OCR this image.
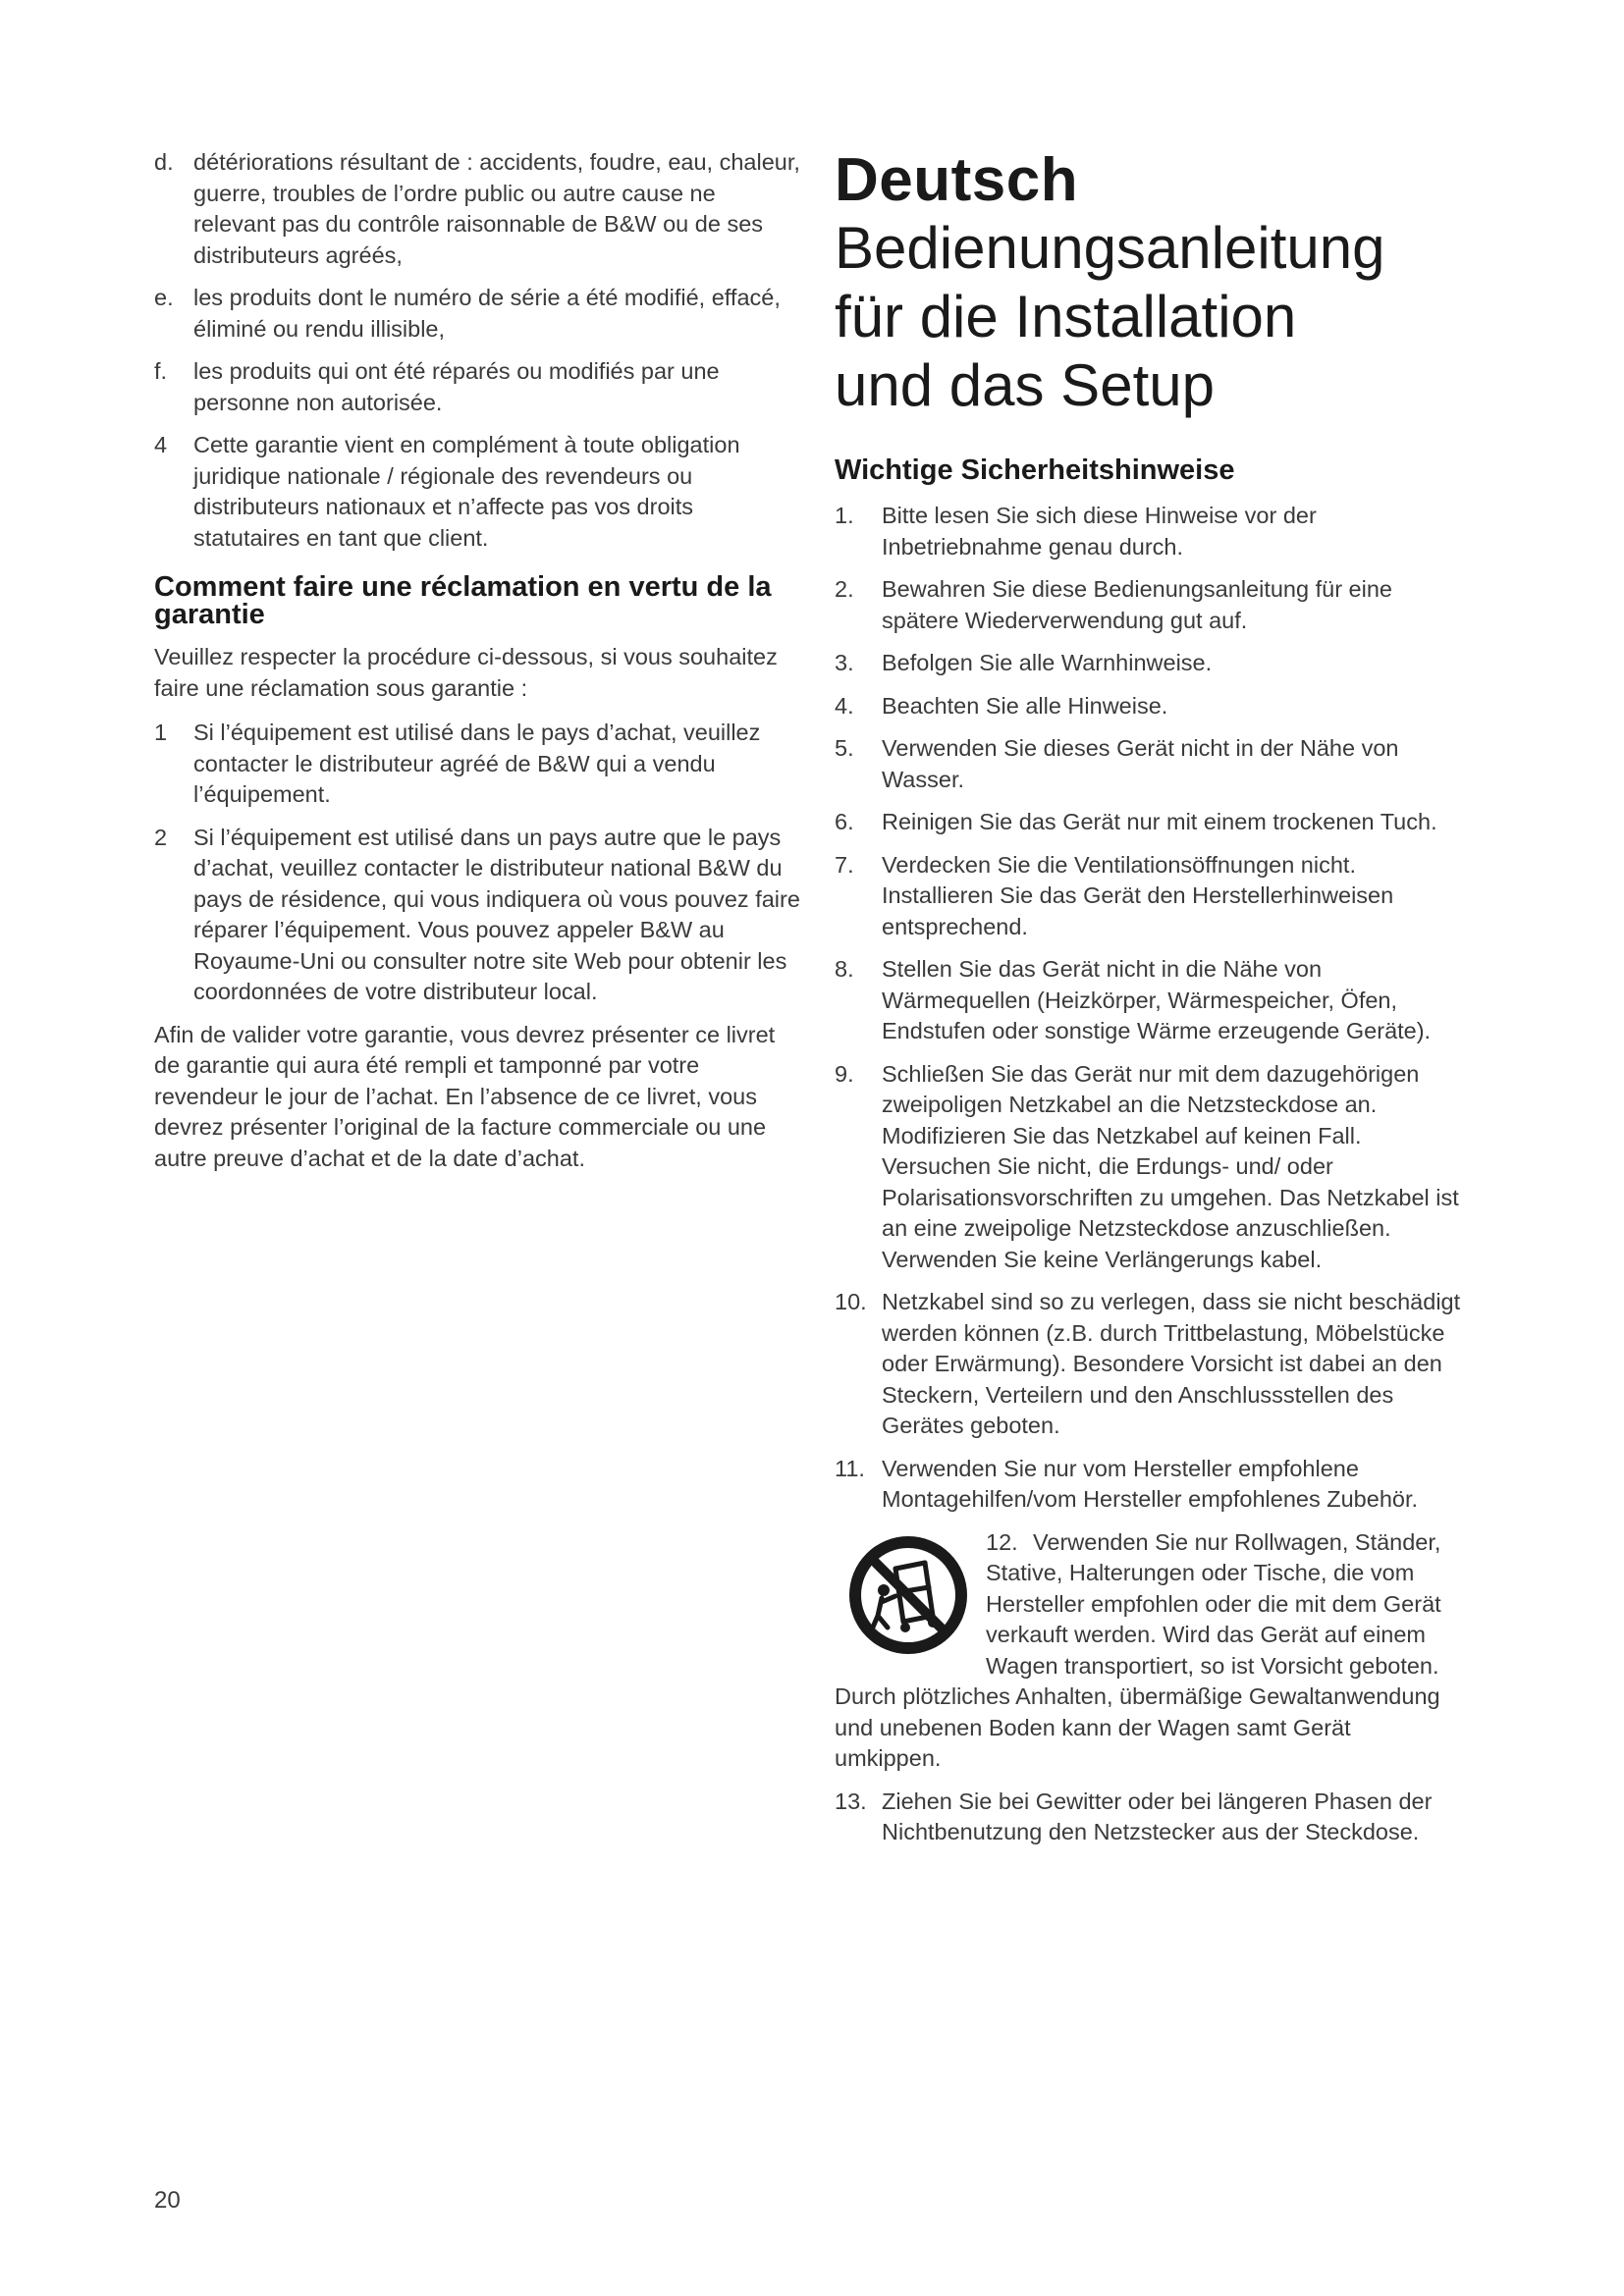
d. détériorations résultant de : accidents, foudre, eau, chaleur, guerre, troubles de l’ordre public ou autre cause ne relevant pas du contrôle raisonnable de B&W ou de ses distributeurs agréés,
e. les produits dont le numéro de série a été modifié, effacé, éliminé ou rendu illisible,
f.	les produits qui ont été réparés ou modifiés par une personne non autorisée.
4	Cette garantie vient en complément à toute obligation juridique nationale / régionale des revendeurs ou distributeurs nationaux et n’affecte pas vos droits statutaires en tant que client.
Comment faire une réclamation en vertu de la garantie

Veuillez respecter la procédure ci-dessous, si vous souhaitez faire une réclamation sous garantie :

1	Si l’équipement est utilisé dans le pays d’achat, veuillez contacter le distributeur agréé de B&W qui a vendu l’équipement.
2	Si l’équipement est utilisé dans un pays autre que le pays d’achat, veuillez contacter le distributeur national B&W du pays de résidence, qui vous indiquera où vous pouvez faire réparer l’équipement. Vous pouvez appeler B&W au Royaume-Uni ou consulter notre site Web pour obtenir les coordonnées de votre distributeur local.

Afin de valider votre garantie, vous devrez présenter ce livret de garantie qui aura été rempli et tamponné par votre revendeur le jour de l’achat. En l’absence de ce livret, vous devrez présenter l’original de la facture commerciale ou une autre preuve d’achat et de la date d’achat.

Deutsch
Bedienungsanleitung
für die Installation
und das Setup
Wichtige Sicherheitshinweise
1.	Bitte lesen Sie sich diese Hinweise vor der Inbetriebnahme genau durch.
2.	Bewahren Sie diese Bedienungsanleitung für eine spätere Wiederverwendung gut auf.
3.	Befolgen Sie alle Warnhinweise.
4.	Beachten Sie alle Hinweise.
5.	Verwenden Sie dieses Gerät nicht in der Nähe von Wasser.
6.	Reinigen Sie das Gerät nur mit einem trockenen Tuch.
7.	Verdecken Sie die Ventilationsöffnungen nicht. Installieren Sie das Gerät den Herstellerhinweisen entsprechend.
8.	Stellen Sie das Gerät nicht in die Nähe von Wärmequellen (Heizkörper, Wärmespeicher, Öfen, Endstufen oder sonstige Wärme erzeugende Geräte).
9.	Schließen Sie das Gerät nur mit dem dazugehörigen zweipoligen Netzkabel an die Netzsteckdose an. Modifizieren Sie das Netzkabel auf keinen Fall. Versuchen Sie nicht, die Erdungs- und/ oder Polarisationsvorschriften zu umgehen. Das Netzkabel ist an eine zweipolige Netzsteckdose anzuschließen. Verwenden Sie keine Verlängerungs kabel.
10. Netzkabel sind so zu verlegen, dass sie nicht beschädigt werden können (z.B. durch Trittbelastung, Möbelstücke oder Erwärmung). Besondere Vorsicht ist dabei an den Steckern, Verteilern und den Anschlussstellen des Gerätes geboten.
11. Verwenden Sie nur vom Hersteller empfohlene Montagehilfen/vom Hersteller empfohlenes Zubehör.
12. Verwenden Sie nur Rollwagen, Ständer, Stative, Halterungen oder Tische, die vom Hersteller empfohlen oder die mit dem Gerät verkauft werden. Wird das Gerät auf einem Wagen transportiert, so ist Vorsicht geboten. Durch plötzliches Anhalten, übermäßige Gewaltanwendung und unebenen Boden kann der Wagen samt Gerät umkippen.
13. Ziehen Sie bei Gewitter oder bei längeren Phasen der Nichtbenutzung den Netzstecker aus der Steckdose.
20
